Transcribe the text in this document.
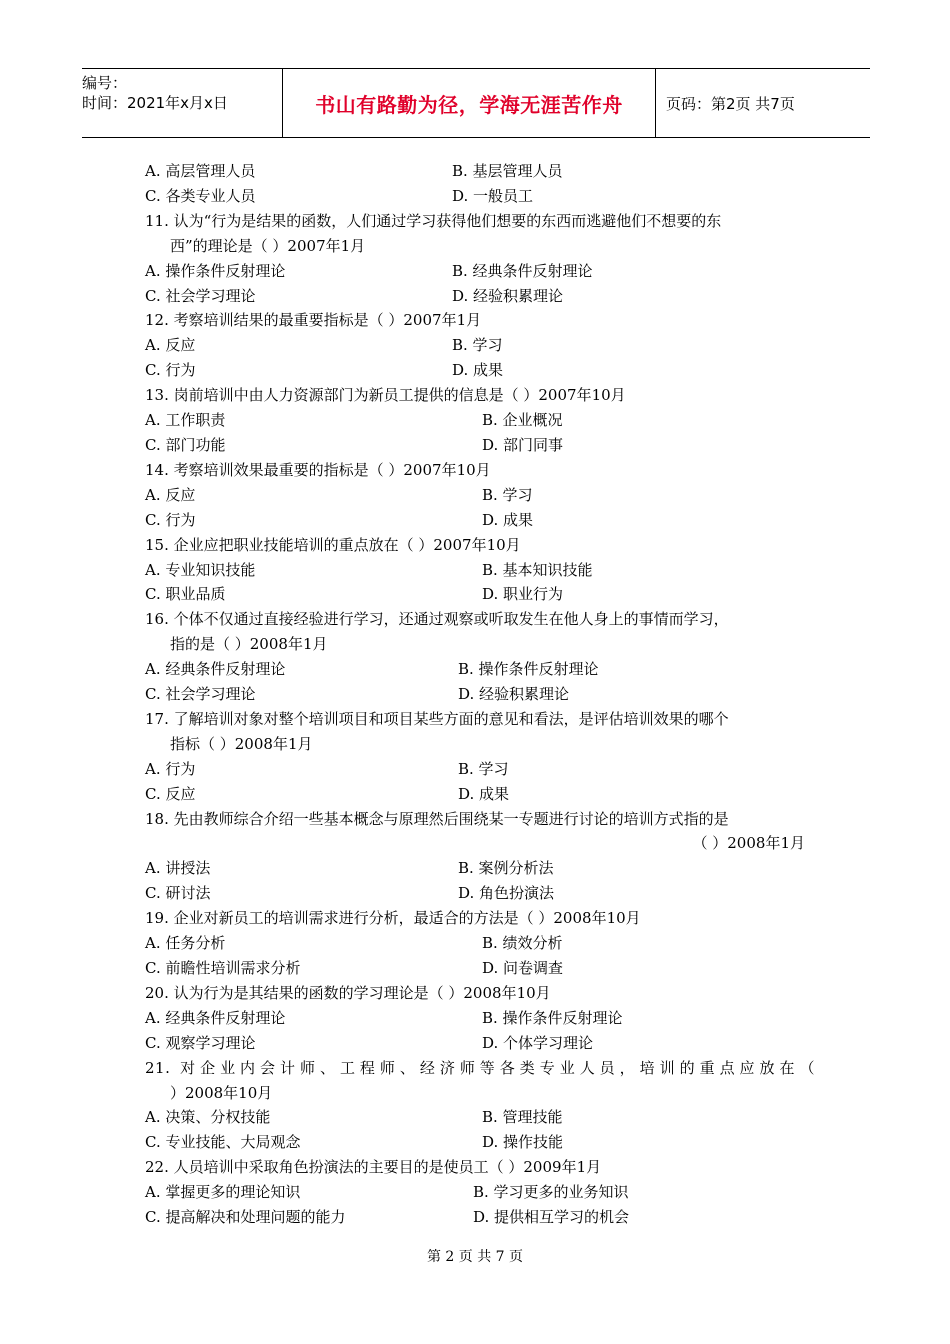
编号：
时间：2021年x月x日	书山有路勤为径，学海无涯苦作舟	页码：第2页 共7页
A. 高层管理人员	B. 基层管理人员
C. 各类专业人员	D. 一般员工
11. 认为“行为是结果的函数，人们通过学习获得他们想要的东西而逃避他们不想要的东
西”的理论是（ ）2007年1月
A. 操作条件反射理论	B. 经典条件反射理论
C. 社会学习理论	D. 经验积累理论
12. 考察培训结果的最重要指标是（ ）2007年1月
A. 反应	B. 学习
C. 行为	D. 成果
13. 岗前培训中由人力资源部门为新员工提供的信息是（ ）2007年10月
A. 工作职责	B. 企业概况
C. 部门功能	D. 部门同事
14. 考察培训效果最重要的指标是（ ）2007年10月
A. 反应	B. 学习
C. 行为	D. 成果
15. 企业应把职业技能培训的重点放在（ ）2007年10月
A. 专业知识技能	B. 基本知识技能
C. 职业品质	D. 职业行为
16. 个体不仅通过直接经验进行学习，还通过观察或听取发生在他人身上的事情而学习，
指的是（ ）2008年1月
A. 经典条件反射理论	B. 操作条件反射理论
C. 社会学习理论	D. 经验积累理论
17. 了解培训对象对整个培训项目和项目某些方面的意见和看法，是评估培训效果的哪个
指标（ ）2008年1月
A. 行为	B. 学习
C. 反应	D. 成果
18. 先由教师综合介绍一些基本概念与原理然后围绕某一专题进行讨论的培训方式指的是
（ ）2008年1月
A. 讲授法	B. 案例分析法
C. 研讨法	D. 角色扮演法
19. 企业对新员工的培训需求进行分析，最适合的方法是（ ）2008年10月
A. 任务分析	B. 绩效分析
C. 前瞻性培训需求分析	D. 问卷调查
20. 认为行为是其结果的函数的学习理论是（ ）2008年10月
A. 经典条件反射理论	B. 操作条件反射理论
C. 观察学习理论	D. 个体学习理论
21. 对企业内会计师、工程师、经济师等各类专业人员，培训的重点应放在（
）2008年10月
A. 决策、分权技能	B. 管理技能
C. 专业技能、大局观念	D. 操作技能
22. 人员培训中采取角色扮演法的主要目的是使员工（ ）2009年1月
A. 掌握更多的理论知识	B. 学习更多的业务知识
C. 提高解决和处理问题的能力	D. 提供相互学习的机会
第 2 页 共 7 页
